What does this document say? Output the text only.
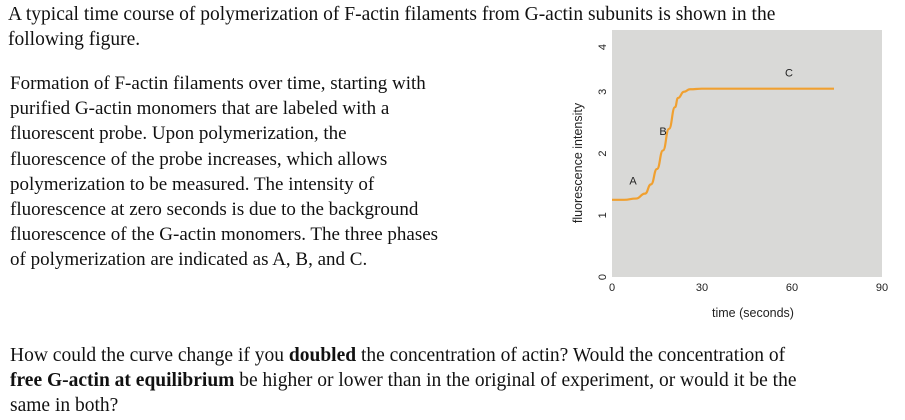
A typical time course of polymerization of F-actin filaments from G-actin subunits is shown in the
following figure.

Formation of F-actin filaments over time, starting with
purified G-actin monomers that are labeled with a
fluorescent probe. Upon polymerization, the
fluorescence of the probe increases, which allows
polymerization to be measured. The intensity of
fluorescence at zero seconds is due to the background
fluorescence of the G-actin monomers. The three phases
of polymerization are indicated as A, B, and C.

0
1
2
3
4
0	30	60	90
A
B
C
fluorescence intensity
time (seconds)

How could the curve change if you doubled the concentration of actin? Would the concentration of
free G-actin at equilibrium be higher or lower than in the original of experiment, or would it be the
same in both?
